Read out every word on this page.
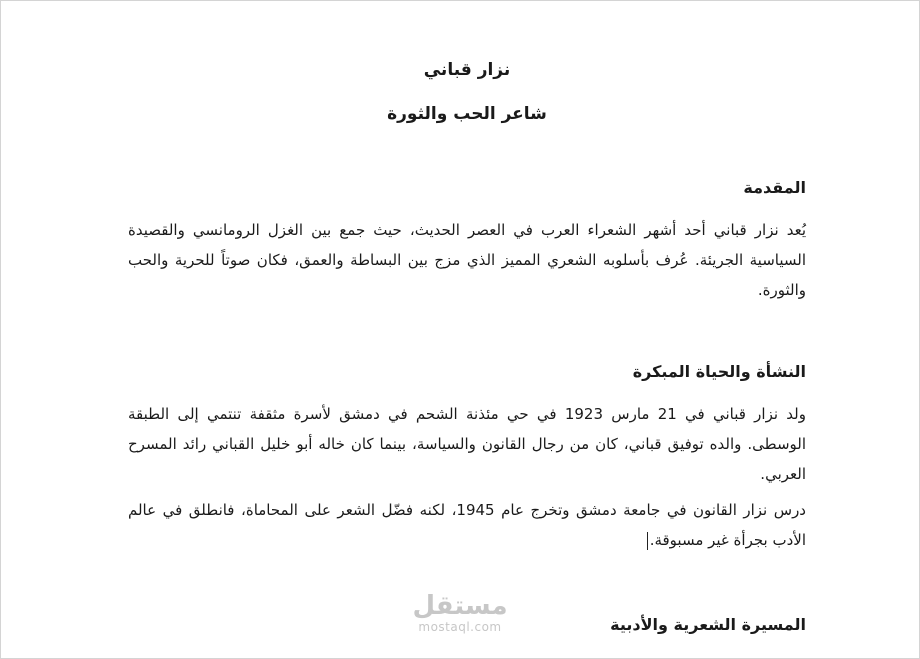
نزار قباني
شاعر الحب والثورة
المقدمة

يُعد نزار قباني أحد أشهر الشعراء العرب في العصر الحديث، حيث جمع بين الغزل الرومانسي والقصيدة السياسية الجريئة. عُرف بأسلوبه الشعري المميز الذي مزج بين البساطة والعمق، فكان صوتاً للحرية والحب والثورة.

النشأة والحياة المبكرة

ولد نزار قباني في 21 مارس 1923 في حي مئذنة الشحم في دمشق لأسرة مثقفة تنتمي إلى الطبقة الوسطى. والده توفيق قباني، كان من رجال القانون والسياسة، بينما كان خاله أبو خليل القباني رائد المسرح العربي.

درس نزار القانون في جامعة دمشق وتخرج عام 1945، لكنه فضّل الشعر على المحاماة، فانطلق في عالم الأدب بجرأة غير مسبوقة.

المسيرة الشعرية والأدبية
مستقل
mostaql.com
